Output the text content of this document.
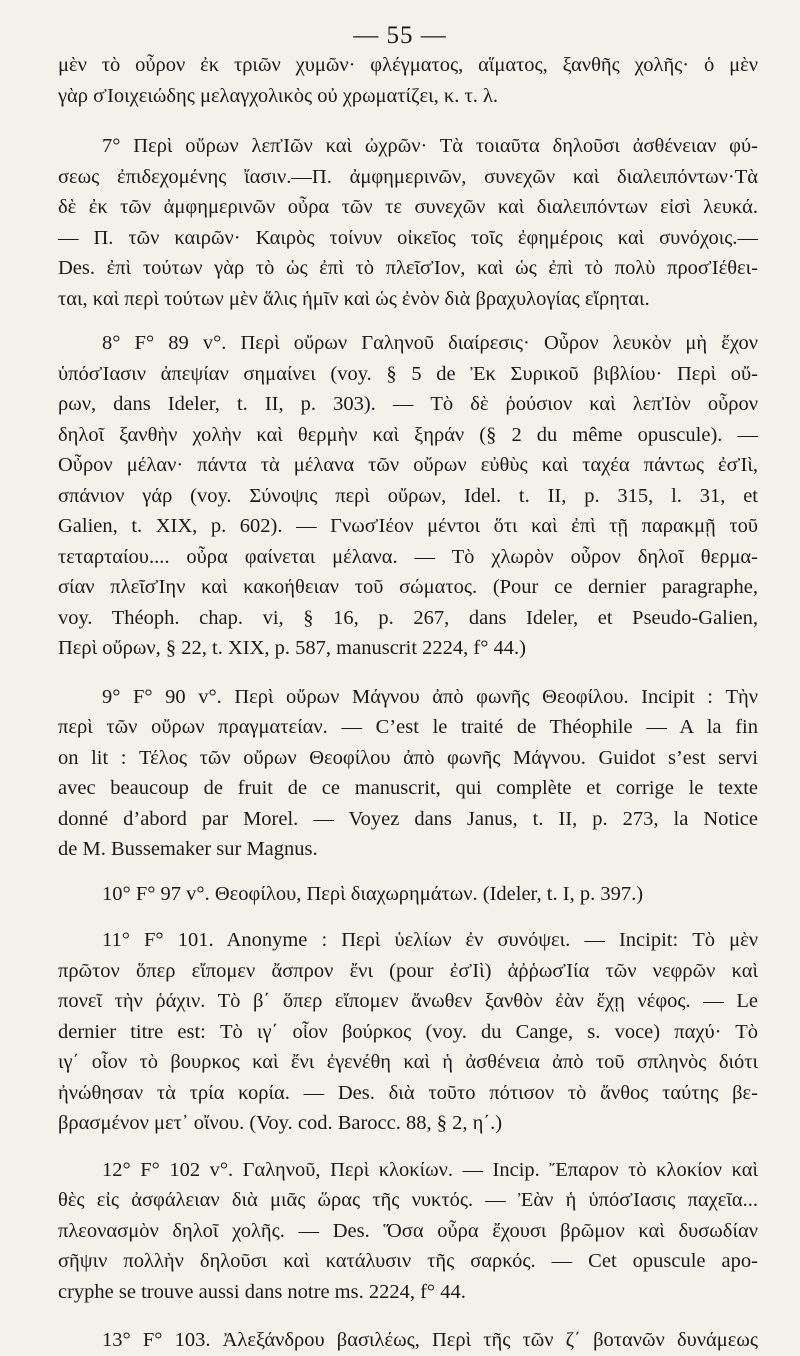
— 55 —
μὲν τὸ οὖρον ἐκ τριῶν χυμῶν· φλέγματος, αἵματος, ξανθῆς χολῆς· ὁ μὲν
γὰρ σἸοιχειώδης μελαγχολικὸς οὐ χρωματίζει, κ. τ. λ.
7° Περὶ οὔρων λεπἸῶν καὶ ὠχρῶν· Τὰ τοιαῦτα δηλοῦσι ἀσθένειαν φύ-
σεως ἐπιδεχομένης ἴασιν.—Π. ἀμφημερινῶν, συνεχῶν καὶ διαλειπόντων·Τὰ
δὲ ἐκ τῶν ἀμφημερινῶν οὖρα τῶν τε συνεχῶν καὶ διαλειπόντων εἰσὶ λευκά.
— Π. τῶν καιρῶν· Καιρὸς τοίνυν οἰκεῖος τοῖς ἐφημέροις καὶ συνόχοις.—
Des. ἐπὶ τούτων γὰρ τὸ ὡς ἐπὶ τὸ πλεῖσἸον, καὶ ὡς ἐπὶ τὸ πολὺ προσἸέθει-
ται, καὶ περὶ τούτων μὲν ἅλις ἡμῖν καὶ ὡς ἐνὸν διὰ βραχυλογίας εἴρηται.
8° F° 89 v°. Περὶ οὔρων Γαληνοῦ διαίρεσις· Οὖρον λευκὸν μὴ ἔχον
ὑπόσἸασιν ἀπεψίαν σημαίνει (voy. § 5 de Ἐκ Συρικοῦ βιβλίου· Περὶ οὔ-
ρων, dans Ideler, t. II, p. 303). — Τὸ δὲ ῥούσιον καὶ λεπἸὸν οὖρον
δηλοῖ ξανθὴν χολὴν καὶ θερμὴν καὶ ξηράν (§ 2 du même opuscule). —
Οὖρον μέλαν· πάντα τὰ μέλανα τῶν οὔρων εὐθὺς καὶ ταχέα πάντως ἐσἸὶ,
σπάνιον γάρ (voy. Σύνοψις περὶ οὔρων, Idel. t. II, p. 315, l. 31, et
Galien, t. XIX, p. 602). — ΓνωσἸέον μέντοι ὅτι καὶ ἐπὶ τῇ παρακμῇ τοῦ
τεταρταίου.... οὖρα φαίνεται μέλανα. — Τὸ χλωρὸν οὖρον δηλοῖ θερμα-
σίαν πλεῖσἸην καὶ κακοήθειαν τοῦ σώματος. (Pour ce dernier paragraphe,
voy. Théoph. chap. vi, § 16, p. 267, dans Ideler, et Pseudo-Galien,
Περὶ οὔρων, § 22, t. XIX, p. 587, manuscrit 2224, f° 44.)
9° F° 90 v°. Περὶ οὔρων Μάγνου ἀπὸ φωνῆς Θεοφίλου. Incipit : Τὴν
περὶ τῶν οὔρων πραγματείαν. — C’est le traité de Théophile — A la fin
on lit : Τέλος τῶν οὔρων Θεοφίλου ἀπὸ φωνῆς Μάγνου. Guidot s’est servi
avec beaucoup de fruit de ce manuscrit, qui complète et corrige le texte
donné d’abord par Morel. — Voyez dans Janus, t. II, p. 273, la Notice
de M. Bussemaker sur Magnus.
10° F° 97 v°. Θεοφίλου, Περὶ διαχωρημάτων. (Ideler, t. I, p. 397.)
11° F° 101. Anonyme : Περὶ ὑελίων ἐν συνόψει. — Incipit: Τὸ μὲν
πρῶτον ὅπερ εἴπομεν ἄσπρον ἔνι (pour ἐσἸὶ) ἀῤῥωσἸία τῶν νεφρῶν καὶ
πονεῖ τὴν ῥάχιν. Τὸ β΄ ὅπερ εἴπομεν ἄνωθεν ξανθὸν ἐὰν ἔχῃ νέφος. — Le
dernier titre est: Τὸ ιγ΄ οἷον βούρκος (voy. du Cange, s. voce) παχύ· Τὸ
ιγ΄ οἷον τὸ βουρκος καὶ ἔνι ἐγενέθη καὶ ἡ ἀσθένεια ἀπὸ τοῦ σπληνὸς διότι
ἠνώθησαν τὰ τρία κορία. — Des. διὰ τοῦτο πότισον τὸ ἄνθος ταύτης βε-
βρασμένον μετ᾽ οἴνου. (Voy. cod. Barocc. 88, § 2, η΄.)
12° F° 102 v°. Γαληνοῦ, Περὶ κλοκίων. — Incip. Ἔπαρον τὸ κλοκίον καὶ
θὲς εἰς ἀσφάλειαν διὰ μιᾶς ὥρας τῆς νυκτός. — Ἐὰν ἡ ὑπόσἸασις παχεῖα...
πλεονασμὸν δηλοῖ χολῆς. — Des. Ὅσα οὖρα ἔχουσι βρῶμον καὶ δυσωδίαν
σῆψιν πολλὴν δηλοῦσι καὶ κατάλυσιν τῆς σαρκός. — Cet opuscule apo-
cryphe se trouve aussi dans notre ms. 2224, f° 44.
13° F° 103. Ἀλεξάνδρου βασιλέως, Περὶ τῆς τῶν ζ΄ βοτανῶν δυνάμεως
